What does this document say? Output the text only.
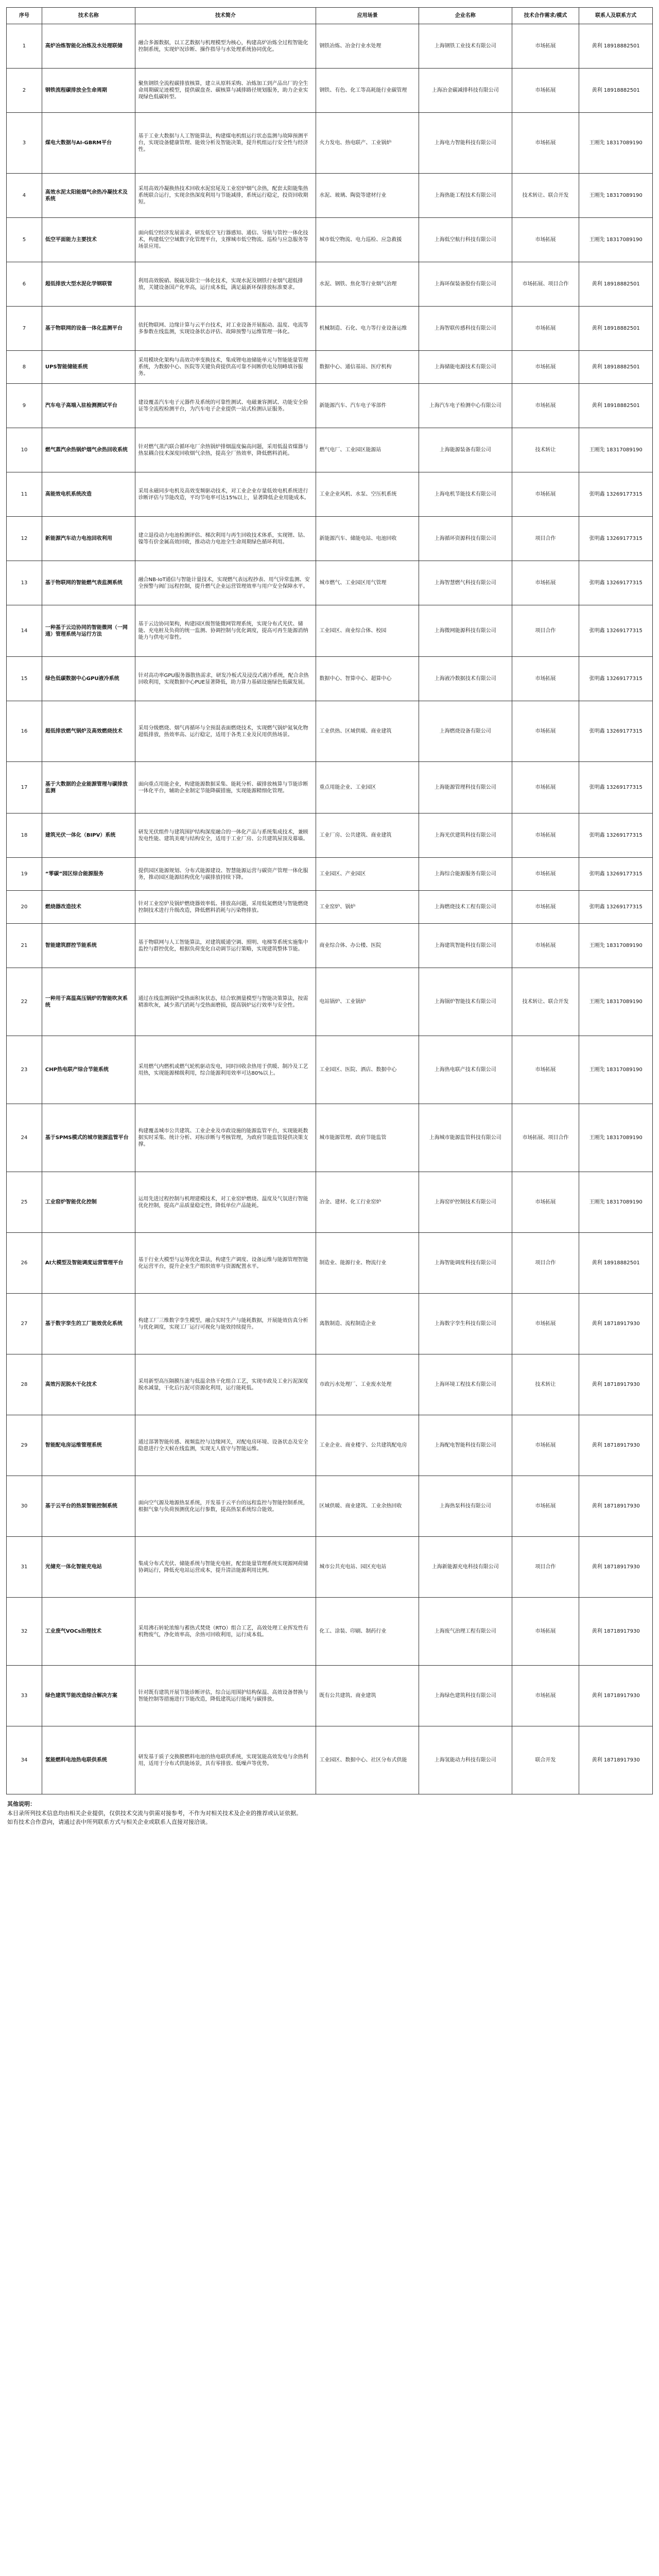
序号	技术名称	技术简介	应用场景	企业名称	技术合作需求/模式	联系人及联系方式
1	高炉冶炼智能化冶炼及水处理联储	融合多源数据，以工艺数据与机理模型为核心，构建高炉冶炼全过程智能化控制系统，实现炉况诊断、操作指导与水处理系统协同优化。	钢铁冶炼、冶金行业水处理	上海钢铁工业技术有限公司	市场拓展	黄利 18918882501
2	钢铁流程碳排放全生命周期	聚焦钢铁全流程碳排放核算，建立从原料采购、冶炼加工到产品出厂的全生命周期碳足迹模型，提供碳盘查、碳核算与减排路径规划服务，助力企业实现绿色低碳转型。	钢铁、有色、化工等高耗能行业碳管理	上海冶金碳减排科技有限公司	市场拓展	黄利 18918882501
3	煤电大数据与AI-GBRM平台	基于工业大数据与人工智能算法，构建煤电机组运行状态监测与故障预测平台，实现设备健康管理、能效分析及智能决策，提升机组运行安全性与经济性。	火力发电、热电联产、工业锅炉	上海电力智能科技有限公司	市场拓展	王刚先 18317089190
4	高效水泥太阳能烟气余热冷凝技术及系统	采用高效冷凝换热技术回收水泥窑尾及工业窑炉烟气余热，配套太阳能集热系统联合运行，实现余热深度利用与节能减排，系统运行稳定，投资回收期短。	水泥、玻璃、陶瓷等建材行业	上海热能工程技术有限公司	技术转让、联合开发	王刚先 18317089190
5	低空平面能力主要技术	面向低空经济发展需求，研发低空飞行器感知、通信、导航与管控一体化技术，构建低空空域数字化管理平台，支撑城市低空物流、巡检与应急服务等场景应用。	城市低空物流、电力巡检、应急救援	上海低空航行科技有限公司	市场拓展	王刚先 18317089190
6	超低排放大型水泥化学钢联管	利用高效脱硝、脱硫及除尘一体化技术，实现水泥及钢铁行业烟气超低排放，关键设备国产化率高，运行成本低，满足最新环保排放标准要求。	水泥、钢铁、焦化等行业烟气治理	上海环保装备股份有限公司	市场拓展、项目合作	黄利 18918882501
7	基于物联网的设备一体化监测平台	依托物联网、边缘计算与云平台技术，对工业设备开展振动、温度、电流等多参数在线监测，实现设备状态评估、故障预警与运维管理一体化。	机械制造、石化、电力等行业设备运维	上海智联传感科技有限公司	市场拓展	黄利 18918882501
8	UPS智能储能系统	采用模块化架构与高效功率变换技术，集成锂电池储能单元与智能能量管理系统，为数据中心、医院等关键负荷提供高可靠不间断供电及削峰填谷服务。	数据中心、通信基站、医疗机构	上海储能电源技术有限公司	市场拓展	黄利 18918882501
9	汽车电子高端入驻检测测试平台	建设覆盖汽车电子元器件及系统的可靠性测试、电磁兼容测试、功能安全验证等全流程检测平台，为汽车电子企业提供一站式检测认证服务。	新能源汽车、汽车电子零部件	上海汽车电子检测中心有限公司	市场拓展	黄利 18918882501
10	燃气蒸汽余热锅炉烟气余热回收系统	针对燃气蒸汽联合循环电厂余热锅炉排烟温度偏高问题，采用低温省煤器与热泵耦合技术深度回收烟气余热，提高全厂热效率，降低燃料消耗。	燃气电厂、工业园区能源站	上海能源装备有限公司	技术转让	王刚先 18317089190
11	高能效电机系统改造	采用永磁同步电机及高效变频驱动技术，对工业企业存量低效电机系统进行诊断评估与节能改造，平均节电率可达15%以上，显著降低企业用能成本。	工业企业风机、水泵、空压机系统	上海电机节能技术有限公司	市场拓展	张明鑫 13269177315
12	新能源汽车动力电池回收利用	建立退役动力电池检测评估、梯次利用与再生回收技术体系，实现锂、钴、镍等有价金属高效回收，推动动力电池全生命周期绿色循环利用。	新能源汽车、储能电站、电池回收	上海循环资源科技有限公司	项目合作	张明鑫 13269177315
13	基于物联网的智能燃气表监测系统	融合NB-IoT通信与智能计量技术，实现燃气表远程抄表、用气异常监测、安全预警与阀门远程控制，提升燃气企业运营管理效率与用户安全保障水平。	城市燃气、工业园区用气管理	上海智慧燃气科技有限公司	市场拓展	张明鑫 13269177315
14	一种基于云边协同的智能微网（一网通）管理系统与运行方法	基于云边协同架构，构建园区级智能微网管理系统，实现分布式光伏、储能、充电桩及负荷的统一监测、协调控制与优化调度，提高可再生能源消纳能力与供电可靠性。	工业园区、商业综合体、校园	上海微网能源科技有限公司	项目合作	张明鑫 13269177315
15	绿色低碳数据中心GPU液冷系统	针对高功率GPU服务器散热需求，研发冷板式及浸没式液冷系统，配合余热回收利用，实现数据中心PUE显著降低，助力算力基础设施绿色低碳发展。	数据中心、智算中心、超算中心	上海液冷数据技术有限公司	市场拓展	张明鑫 13269177315
16	超低排放燃气锅炉及高效燃烧技术	采用分级燃烧、烟气再循环与全预混表面燃烧技术，实现燃气锅炉氮氧化物超低排放，热效率高、运行稳定，适用于各类工业及民用供热场景。	工业供热、区域供暖、商业建筑	上海燃烧设备有限公司	市场拓展	张明鑫 13269177315
17	基于大数据的企业能源管理与碳排放监测	面向重点用能企业，构建能源数据采集、能耗分析、碳排放核算与节能诊断一体化平台，辅助企业制定节能降碳措施，实现能源精细化管理。	重点用能企业、工业园区	上海能源管理科技有限公司	市场拓展	张明鑫 13269177315
18	建筑光伏一体化（BIPV）系统	研发光伏组件与建筑围护结构深度融合的一体化产品与系统集成技术，兼顾发电性能、建筑美观与结构安全，适用于工业厂房、公共建筑屋顶及幕墙。	工业厂房、公共建筑、商业建筑	上海光伏建筑科技有限公司	市场拓展	张明鑫 13269177315
19	“零碳”园区综合能源服务	提供园区能源规划、分布式能源建设、智慧能源运营与碳资产管理一体化服务，推动园区能源结构优化与碳排放持续下降。	工业园区、产业园区	上海综合能源服务有限公司	市场拓展	张明鑫 13269177315
20	燃烧器改造技术	针对工业窑炉及锅炉燃烧器效率低、排放高问题，采用低氮燃烧与智能燃烧控制技术进行升级改造，降低燃料消耗与污染物排放。	工业窑炉、锅炉	上海燃烧技术工程有限公司	市场拓展	张明鑫 13269177315
21	智能建筑群控节能系统	基于物联网与人工智能算法，对建筑暖通空调、照明、电梯等系统实施集中监控与群控优化，根据负荷变化自动调节运行策略，实现建筑整体节能。	商业综合体、办公楼、医院	上海建筑智能科技有限公司	市场拓展	王刚先 18317089190
22	一种用于高温高压锅炉的智能吹灰系统	通过在线监测锅炉受热面积灰状态，结合软测量模型与智能决策算法，按需精准吹灰，减少蒸汽消耗与受热面磨损，提高锅炉运行效率与安全性。	电站锅炉、工业锅炉	上海锅炉智能技术有限公司	技术转让、联合开发	王刚先 18317089190
23	CHP热电联产综合节能系统	采用燃气内燃机或燃气轮机驱动发电，同时回收余热用于供暖、制冷及工艺用热，实现能源梯级利用，综合能源利用效率可达80%以上。	工业园区、医院、酒店、数据中心	上海热电联产技术有限公司	市场拓展	王刚先 18317089190
24	基于SPMS模式的城市能源监管平台	构建覆盖城市公共建筑、工业企业及市政设施的能源监管平台，实现能耗数据实时采集、统计分析、对标诊断与考核管理，为政府节能监管提供决策支撑。	城市能源管理、政府节能监管	上海城市能源监管科技有限公司	市场拓展、项目合作	王刚先 18317089190
25	工业窑炉智能优化控制	运用先进过程控制与机理建模技术，对工业窑炉燃烧、温度及气氛进行智能优化控制，提高产品质量稳定性，降低单位产品能耗。	冶金、建材、化工行业窑炉	上海窑炉控制技术有限公司	市场拓展	王刚先 18317089190
26	AI大模型及智能调度运营管理平台	基于行业大模型与运筹优化算法，构建生产调度、设备运维与能源管理智能化运营平台，提升企业生产组织效率与资源配置水平。	制造业、能源行业、物流行业	上海智能调度科技有限公司	项目合作	黄利 18918882501
27	基于数字孪生的工厂能效优化系统	构建工厂三维数字孪生模型，融合实时生产与能耗数据，开展能效仿真分析与优化调度，实现工厂运行可视化与能效持续提升。	离散制造、流程制造企业	上海数字孪生科技有限公司	市场拓展	黄利 18718917930
28	高效污泥脱水干化技术	采用新型高压隔膜压滤与低温余热干化组合工艺，实现市政及工业污泥深度脱水减量，干化后污泥可资源化利用，运行能耗低。	市政污水处理厂、工业废水处理	上海环境工程技术有限公司	技术转让	黄利 18718917930
29	智能配电房运维管理系统	通过部署智能传感、视频监控与边缘网关，对配电房环境、设备状态及安全隐患进行全天候在线监测，实现无人值守与智能运维。	工业企业、商业楼宇、公共建筑配电房	上海配电智能科技有限公司	市场拓展	黄利 18718917930
30	基于云平台的热泵智能控制系统	面向空气源及地源热泵系统，开发基于云平台的远程监控与智能控制系统，根据气象与负荷预测优化运行参数，提高热泵系统综合能效。	区域供暖、商业建筑、工业余热回收	上海热泵科技有限公司	市场拓展	黄利 18718917930
31	光储充一体化智能充电站	集成分布式光伏、储能系统与智能充电桩，配套能量管理系统实现源网荷储协调运行，降低充电站运营成本，提升清洁能源利用比例。	城市公共充电站、园区充电站	上海新能源充电科技有限公司	项目合作	黄利 18718917930
32	工业废气VOCs治理技术	采用沸石转轮浓缩与蓄热式焚烧（RTO）组合工艺，高效处理工业挥发性有机物废气，净化效率高，余热可回收利用，运行成本低。	化工、涂装、印刷、制药行业	上海废气治理工程有限公司	市场拓展	黄利 18718917930
33	绿色建筑节能改造综合解决方案	针对既有建筑开展节能诊断评估，综合运用围护结构保温、高效设备替换与智能控制等措施进行节能改造，降低建筑运行能耗与碳排放。	既有公共建筑、商业建筑	上海绿色建筑科技有限公司	市场拓展	黄利 18718917930
34	氢能燃料电池热电联供系统	研发基于质子交换膜燃料电池的热电联供系统，实现氢能高效发电与余热利用，适用于分布式供能场景，具有零排放、低噪声等优势。	工业园区、数据中心、社区分布式供能	上海氢能动力科技有限公司	联合开发	黄利 18718917930
其他说明：
本目录所列技术信息均由相关企业提供，仅供技术交流与供需对接参考，不作为对相关技术及企业的推荐或认证依据。
如有技术合作意向，请通过表中所列联系方式与相关企业或联系人直接对接洽谈。
